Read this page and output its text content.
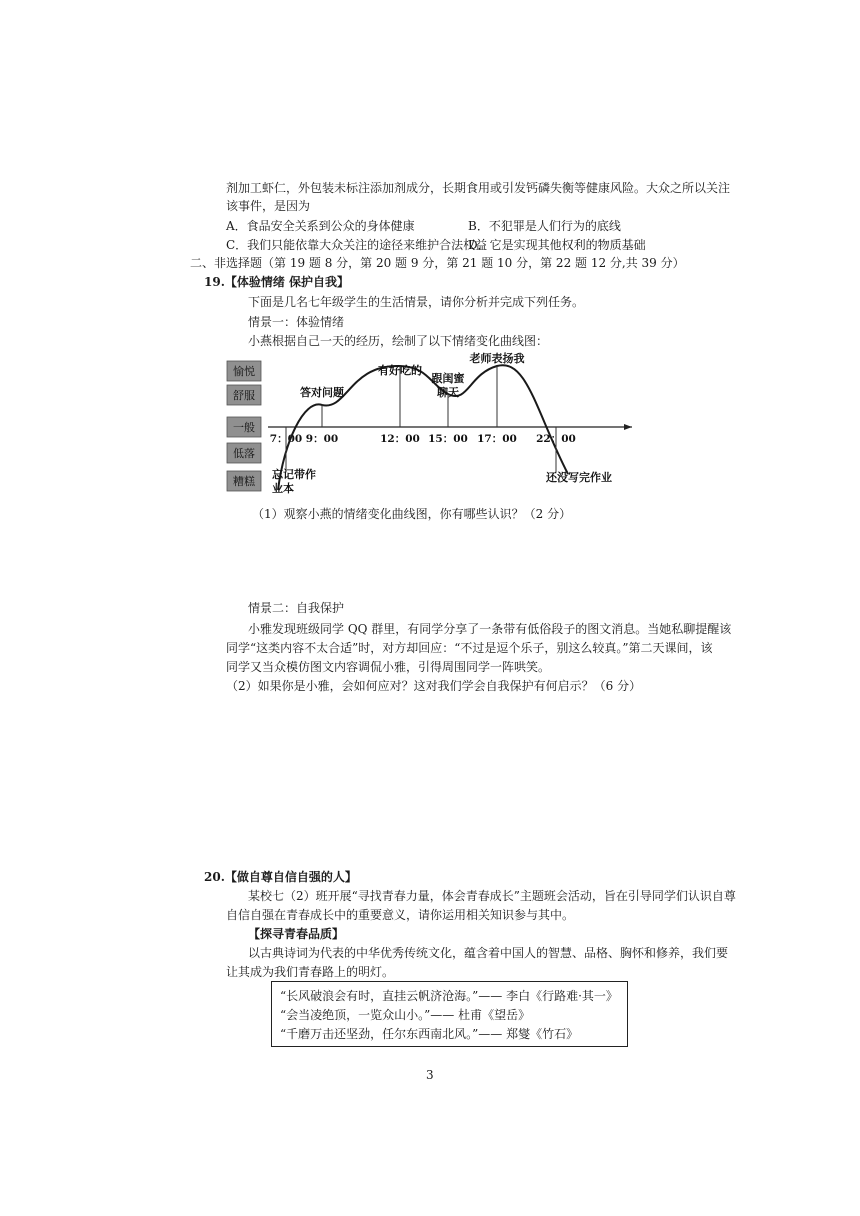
剂加工虾仁，外包装未标注添加剂成分，长期食用或引发钙磷失衡等健康风险。大众之所以关注
该事件，是因为
A．食品安全关系到公众的身体健康	B．不犯罪是人们行为的底线
C．我们只能依靠大众关注的途径来维护合法权益
D．它是实现其他权利的物质基础
二、非选择题（第 19 题 8 分，第 20 题 9 分，第 21 题 10 分，第 22 题 12 分,共 39 分）
19.【体验情绪 保护自我】
下面是几名七年级学生的生活情景，请你分析并完成下列任务。
情景一：体验情绪
小燕根据自己一天的经历，绘制了以下情绪变化曲线图：
愉悦
舒服
一般
低落
糟糕
7：00 9：00	12：00 15：00 17：00 22：00
忘记带作业本
答对问题
有好吃的
跟闺蜜聊天
老师表扬我
还没写完作业
（1）观察小燕的情绪变化曲线图，你有哪些认识？（2 分）
情景二：自我保护
小雅发现班级同学 QQ 群里，有同学分享了一条带有低俗段子的图文消息。当她私聊提醒该
同学“这类内容不太合适”时，对方却回应：“不过是逗个乐子，别这么较真。”第二天课间，该
同学又当众模仿图文内容调侃小雅，引得周围同学一阵哄笑。
（2）如果你是小雅，会如何应对？这对我们学会自我保护有何启示？（6 分）
20.【做自尊自信自强的人】
某校七（2）班开展“寻找青春力量，体会青春成长”主题班会活动，旨在引导同学们认识自尊
自信自强在青春成长中的重要意义，请你运用相关知识参与其中。
【探寻青春品质】
以古典诗词为代表的中华优秀传统文化，蕴含着中国人的智慧、品格、胸怀和修养，我们要
让其成为我们青春路上的明灯。
“长风破浪会有时，直挂云帆济沧海。”—— 李白《行路难·其一》
“会当凌绝顶，一览众山小。”—— 杜甫《望岳》
“千磨万击还坚劲，任尔东西南北风。”—— 郑燮《竹石》
3
